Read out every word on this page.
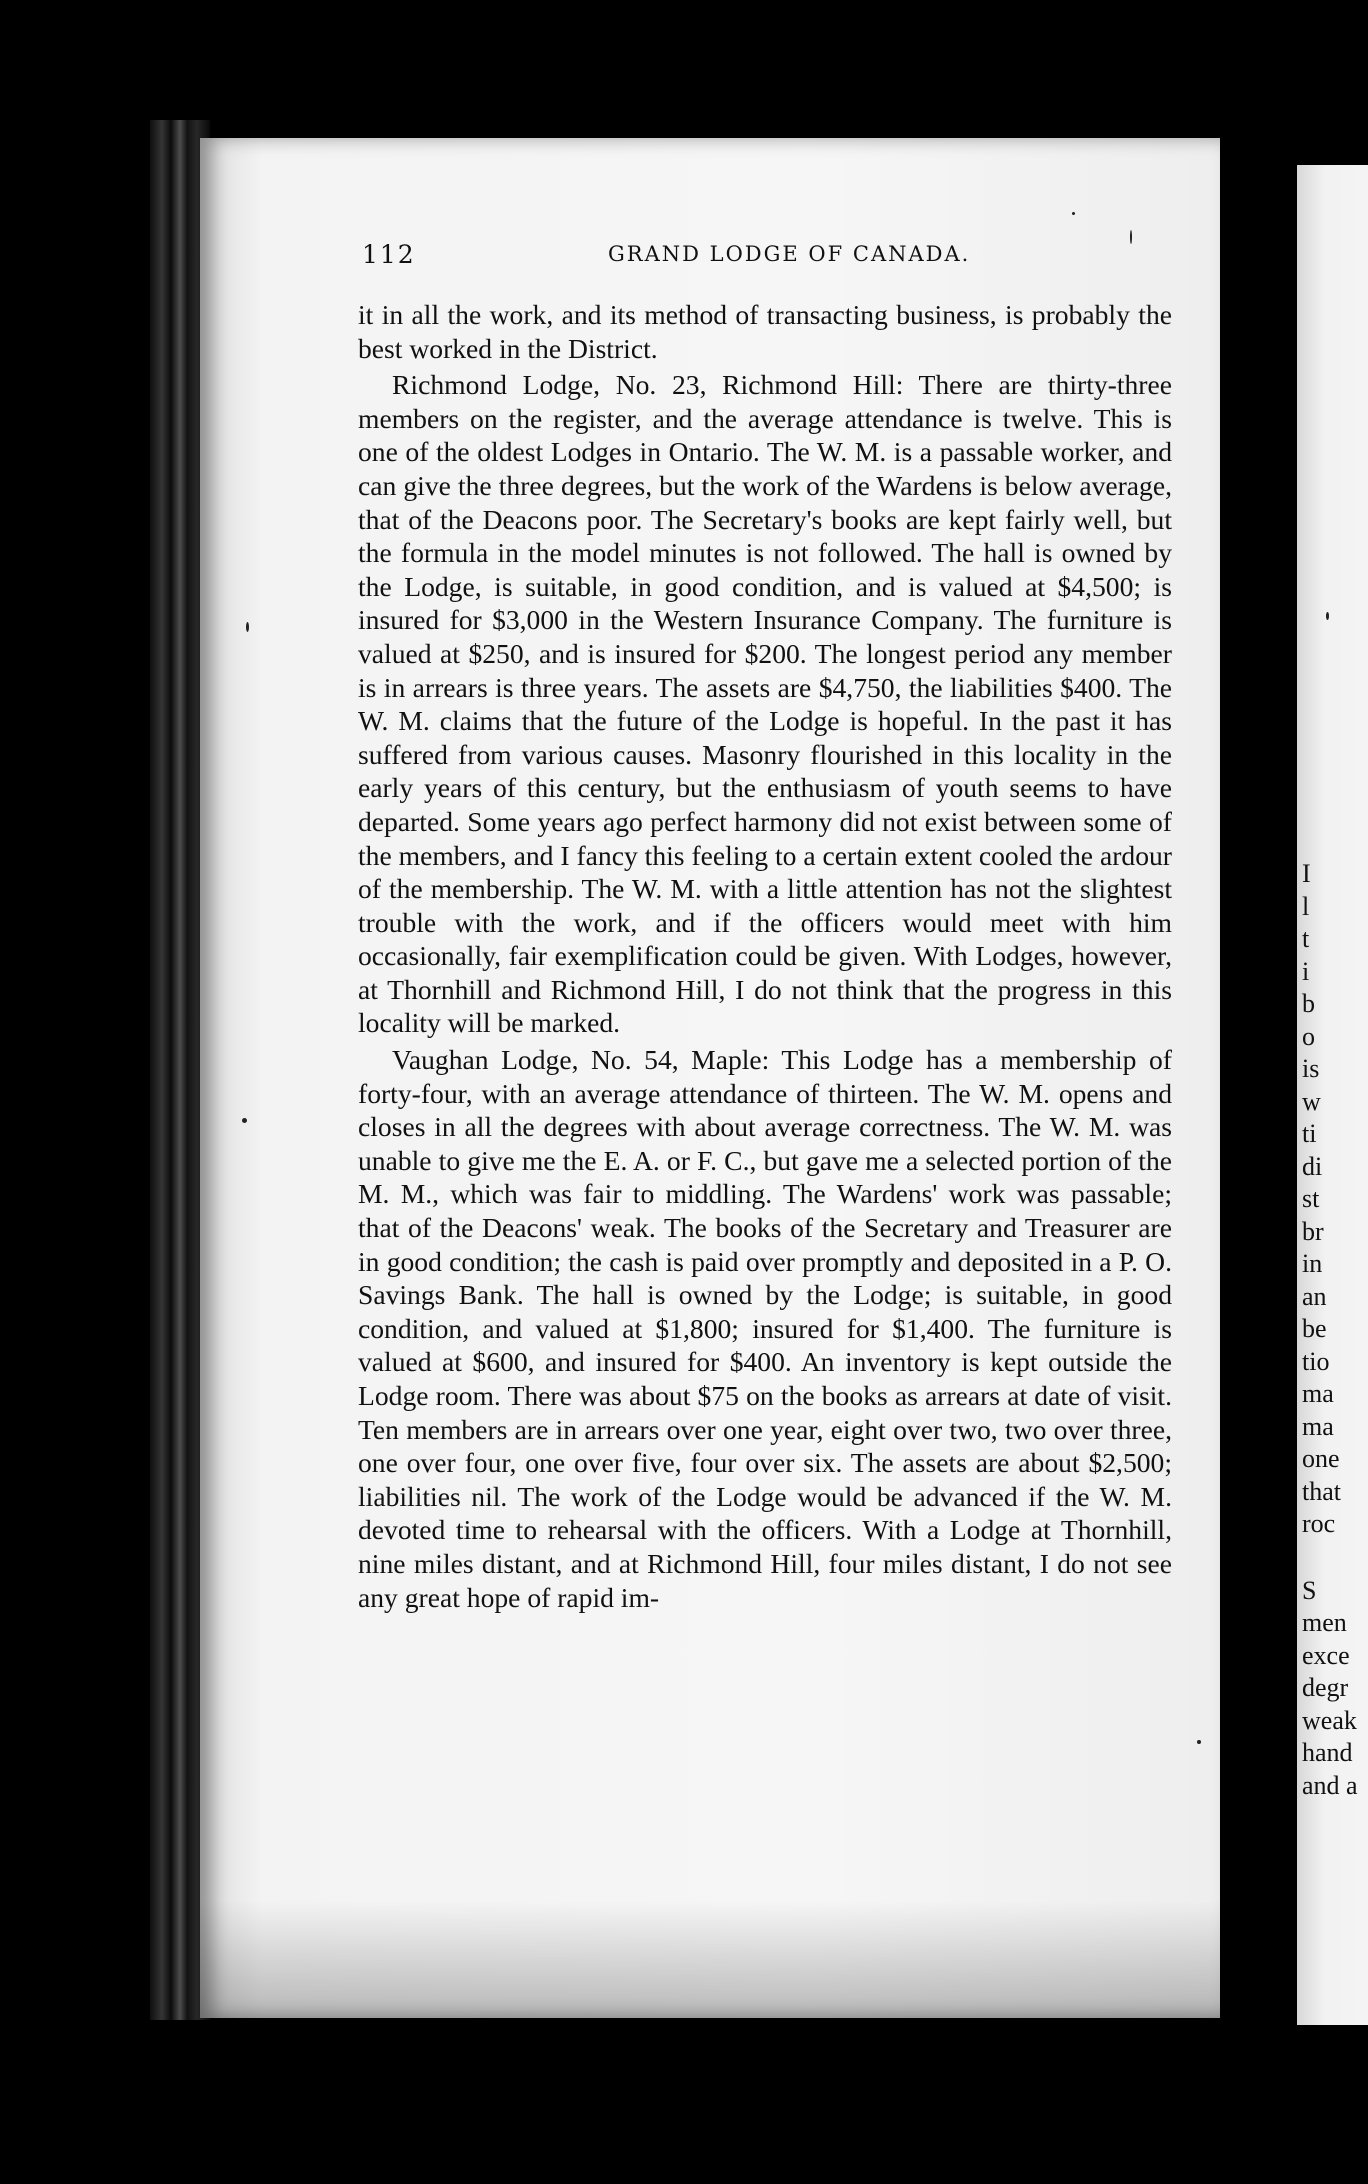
112	GRAND LODGE OF CANADA.

it in all the work, and its method of transacting business, is probably the best worked in the District.

Richmond Lodge, No. 23, Richmond Hill: There are thirty-three members on the register, and the average attendance is twelve. This is one of the oldest Lodges in Ontario. The W. M. is a passable worker, and can give the three degrees, but the work of the Wardens is below average, that of the Deacons poor. The Secretary's books are kept fairly well, but the formula in the model minutes is not followed. The hall is owned by the Lodge, is suitable, in good condition, and is valued at $4,500; is insured for $3,000 in the Western Insurance Company. The furniture is valued at $250, and is insured for $200. The longest period any member is in arrears is three years. The assets are $4,750, the liabilities $400. The W. M. claims that the future of the Lodge is hopeful. In the past it has suffered from various causes. Masonry flourished in this locality in the early years of this century, but the enthusiasm of youth seems to have departed. Some years ago perfect harmony did not exist between some of the members, and I fancy this feeling to a certain extent cooled the ardour of the membership. The W. M. with a little attention has not the slightest trouble with the work, and if the officers would meet with him occasionally, fair exemplification could be given. With Lodges, however, at Thornhill and Richmond Hill, I do not think that the progress in this locality will be marked.

Vaughan Lodge, No. 54, Maple: This Lodge has a membership of forty-four, with an average attendance of thirteen. The W. M. opens and closes in all the degrees with about average correctness. The W. M. was unable to give me the E. A. or F. C., but gave me a selected portion of the M. M., which was fair to middling. The Wardens' work was passable; that of the Deacons' weak. The books of the Secretary and Treasurer are in good condition; the cash is paid over promptly and deposited in a P. O. Savings Bank. The hall is owned by the Lodge; is suitable, in good condition, and valued at $1,800; insured for $1,400. The furniture is valued at $600, and insured for $400. An inventory is kept outside the Lodge room. There was about $75 on the books as arrears at date of visit. Ten members are in arrears over one year, eight over two, two over three, one over four, one over five, four over six. The assets are about $2,500; liabilities nil. The work of the Lodge would be advanced if the W. M. devoted time to rehearsal with the officers. With a Lodge at Thornhill, nine miles distant, and at Richmond Hill, four miles distant, I do not see any great hope of rapid im-

I
l
t
i
b
o
is
w
ti
di
st
br
in
an
be
tio
ma
ma
one
that
roc
S
men
exce
degr
weak
hand
and a
